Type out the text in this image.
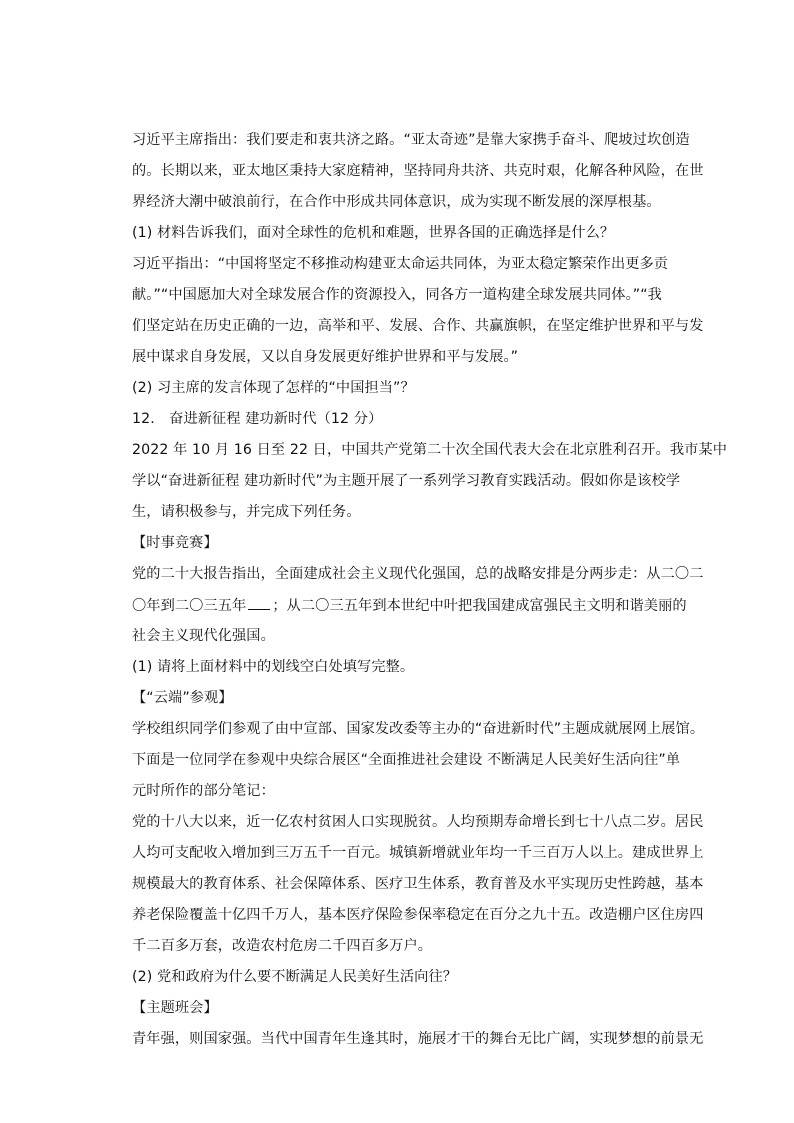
习近平主席指出：我们要走和衷共济之路。“亚太奇迹”是靠大家携手奋斗、爬坡过坎创造
的。长期以来，亚太地区秉持大家庭精神，坚持同舟共济、共克时艰，化解各种风险，在世
界经济大潮中破浪前行，在合作中形成共同体意识，成为实现不断发展的深厚根基。
(1) 材料告诉我们，面对全球性的危机和难题，世界各国的正确选择是什么？
习近平指出：“中国将坚定不移推动构建亚太命运共同体，为亚太稳定繁荣作出更多贡
献。”“中国愿加大对全球发展合作的资源投入，同各方一道构建全球发展共同体。”“我
们坚定站在历史正确的一边，高举和平、发展、合作、共赢旗帜，在坚定维护世界和平与发
展中谋求自身发展，又以自身发展更好维护世界和平与发展。”
(2) 习主席的发言体现了怎样的“中国担当”？
12.　奋进新征程 建功新时代（12 分）
2022 年 10 月 16 日至 22 日，中国共产党第二十次全国代表大会在北京胜利召开。我市某中
学以“奋进新征程 建功新时代”为主题开展了一系列学习教育实践活动。假如你是该校学
生，请积极参与，并完成下列任务。
【时事竞赛】
党的二十大报告指出，全面建成社会主义现代化强国，总的战略安排是分两步走：从二〇二
〇年到二〇三五年 ；从二〇三五年到本世纪中叶把我国建成富强民主文明和谐美丽的
社会主义现代化强国。
(1) 请将上面材料中的划线空白处填写完整。
【“云端”参观】
学校组织同学们参观了由中宣部、国家发改委等主办的“奋进新时代”主题成就展网上展馆。
下面是一位同学在参观中央综合展区“全面推进社会建设 不断满足人民美好生活向往”单
元时所作的部分笔记：
党的十八大以来，近一亿农村贫困人口实现脱贫。人均预期寿命增长到七十八点二岁。居民
人均可支配收入增加到三万五千一百元。城镇新增就业年均一千三百万人以上。建成世界上
规模最大的教育体系、社会保障体系、医疗卫生体系，教育普及水平实现历史性跨越，基本
养老保险覆盖十亿四千万人，基本医疗保险参保率稳定在百分之九十五。改造棚户区住房四
千二百多万套，改造农村危房二千四百多万户。
(2) 党和政府为什么要不断满足人民美好生活向往？
【主题班会】
青年强，则国家强。当代中国青年生逢其时，施展才干的舞台无比广阔，实现梦想的前景无
